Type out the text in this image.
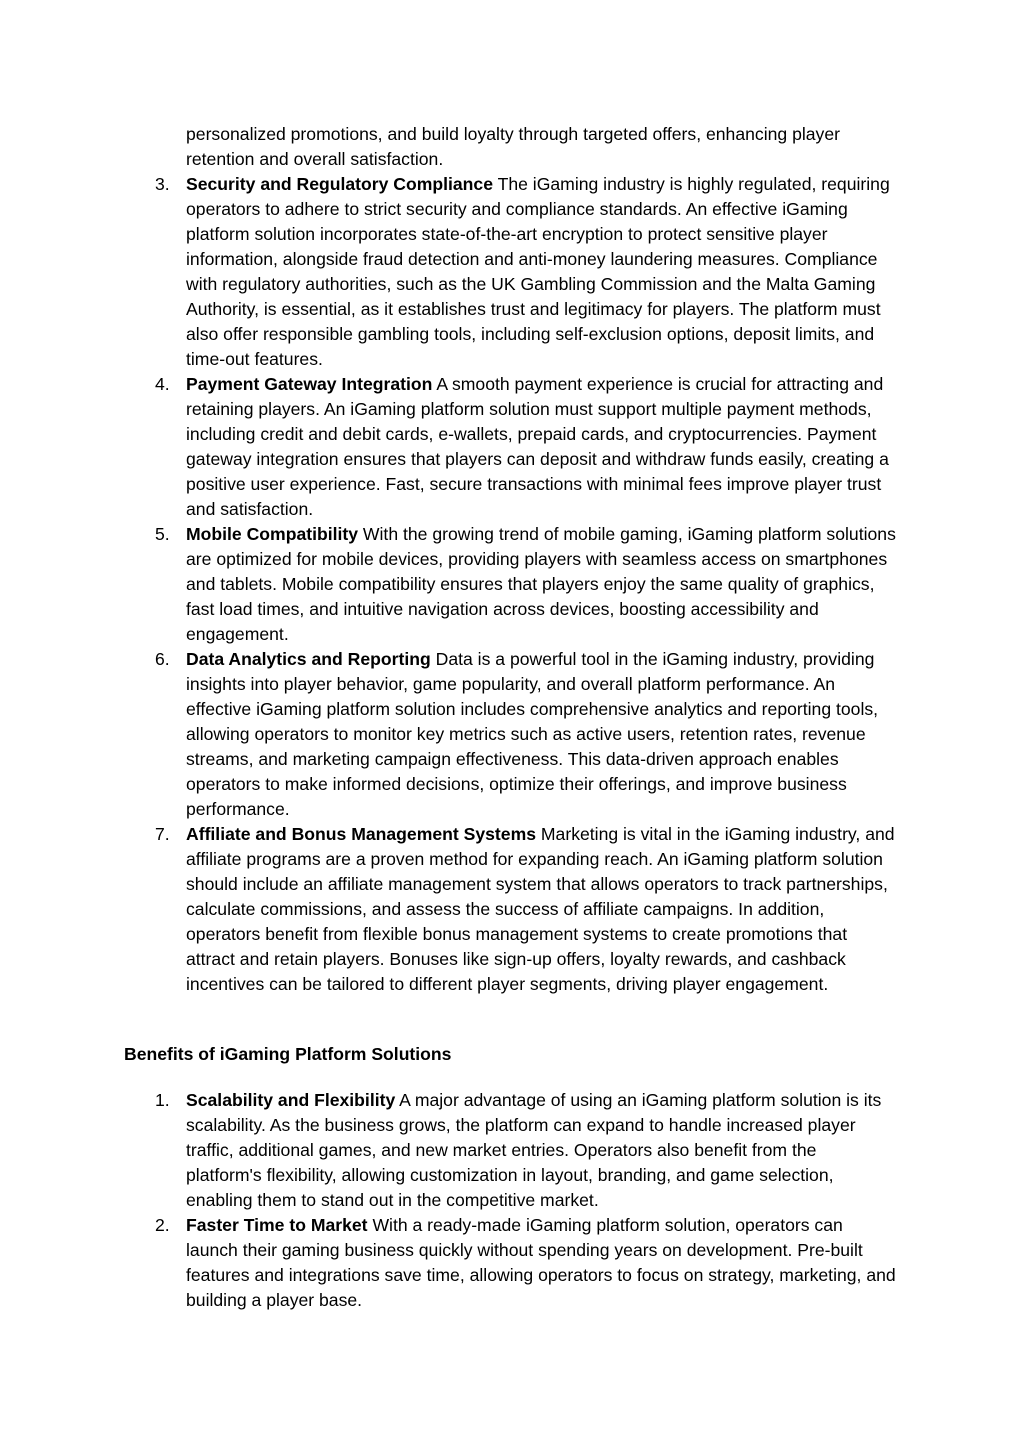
personalized promotions, and build loyalty through targeted offers, enhancing player retention and overall satisfaction.
3. Security and Regulatory Compliance The iGaming industry is highly regulated, requiring operators to adhere to strict security and compliance standards. An effective iGaming platform solution incorporates state-of-the-art encryption to protect sensitive player information, alongside fraud detection and anti-money laundering measures. Compliance with regulatory authorities, such as the UK Gambling Commission and the Malta Gaming Authority, is essential, as it establishes trust and legitimacy for players. The platform must also offer responsible gambling tools, including self-exclusion options, deposit limits, and time-out features.
4. Payment Gateway Integration A smooth payment experience is crucial for attracting and retaining players. An iGaming platform solution must support multiple payment methods, including credit and debit cards, e-wallets, prepaid cards, and cryptocurrencies. Payment gateway integration ensures that players can deposit and withdraw funds easily, creating a positive user experience. Fast, secure transactions with minimal fees improve player trust and satisfaction.
5. Mobile Compatibility With the growing trend of mobile gaming, iGaming platform solutions are optimized for mobile devices, providing players with seamless access on smartphones and tablets. Mobile compatibility ensures that players enjoy the same quality of graphics, fast load times, and intuitive navigation across devices, boosting accessibility and engagement.
6. Data Analytics and Reporting Data is a powerful tool in the iGaming industry, providing insights into player behavior, game popularity, and overall platform performance. An effective iGaming platform solution includes comprehensive analytics and reporting tools, allowing operators to monitor key metrics such as active users, retention rates, revenue streams, and marketing campaign effectiveness. This data-driven approach enables operators to make informed decisions, optimize their offerings, and improve business performance.
7. Affiliate and Bonus Management Systems Marketing is vital in the iGaming industry, and affiliate programs are a proven method for expanding reach. An iGaming platform solution should include an affiliate management system that allows operators to track partnerships, calculate commissions, and assess the success of affiliate campaigns. In addition, operators benefit from flexible bonus management systems to create promotions that attract and retain players. Bonuses like sign-up offers, loyalty rewards, and cashback incentives can be tailored to different player segments, driving player engagement.
Benefits of iGaming Platform Solutions
1. Scalability and Flexibility A major advantage of using an iGaming platform solution is its scalability. As the business grows, the platform can expand to handle increased player traffic, additional games, and new market entries. Operators also benefit from the platform's flexibility, allowing customization in layout, branding, and game selection, enabling them to stand out in the competitive market.
2. Faster Time to Market With a ready-made iGaming platform solution, operators can launch their gaming business quickly without spending years on development. Pre-built features and integrations save time, allowing operators to focus on strategy, marketing, and building a player base.
